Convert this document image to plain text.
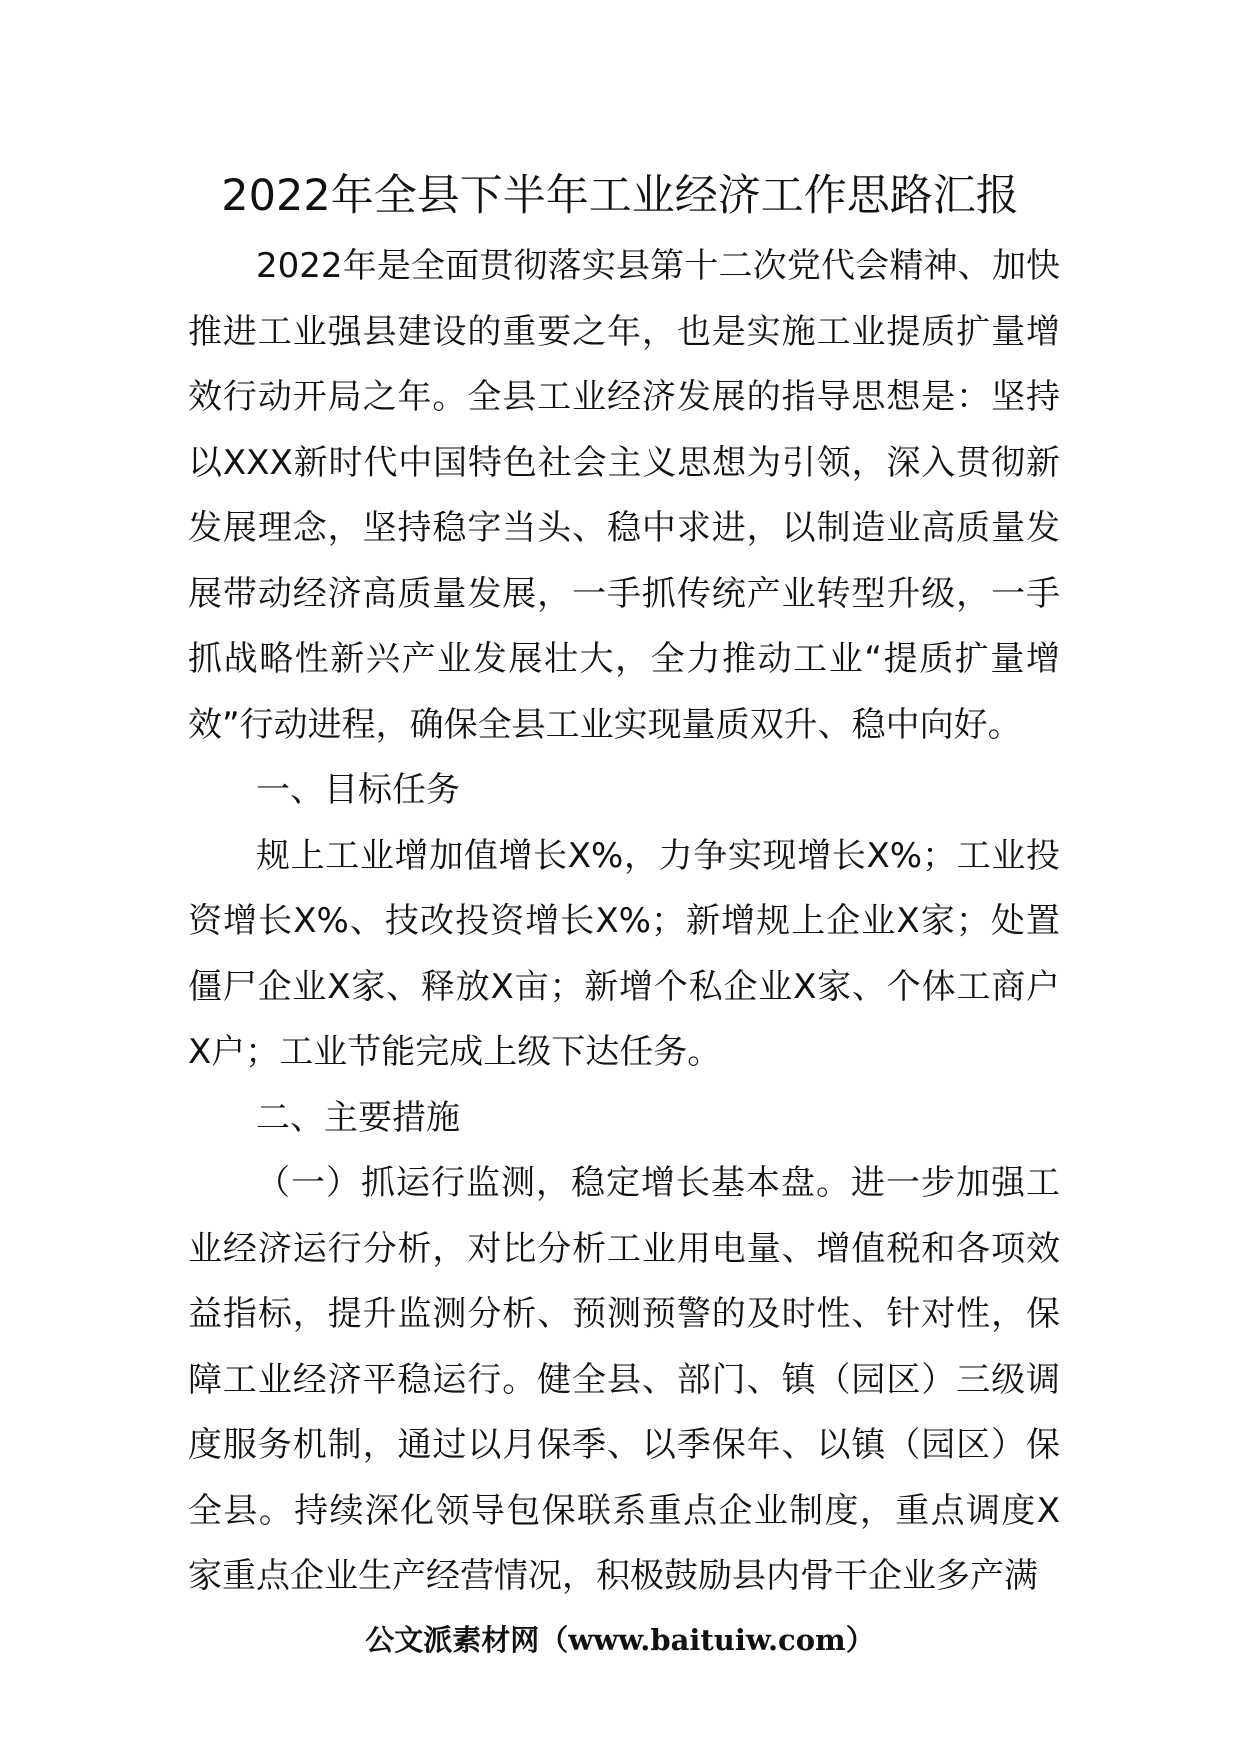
2022年全县下半年工业经济工作思路汇报

2022年是全面贯彻落实县第十二次党代会精神、加快推进工业强县建设的重要之年，也是实施工业提质扩量增效行动开局之年。全县工业经济发展的指导思想是：坚持以XXX新时代中国特色社会主义思想为引领，深入贯彻新发展理念，坚持稳字当头、稳中求进，以制造业高质量发展带动经济高质量发展，一手抓传统产业转型升级，一手抓战略性新兴产业发展壮大，全力推动工业“提质扩量增效”行动进程，确保全县工业实现量质双升、稳中向好。

一、目标任务

规上工业增加值增长X%，力争实现增长X%；工业投资增长X%、技改投资增长X%；新增规上企业X家；处置僵尸企业X家、释放X亩；新增个私企业X家、个体工商户X户；工业节能完成上级下达任务。

二、主要措施

（一）抓运行监测，稳定增长基本盘。进一步加强工业经济运行分析，对比分析工业用电量、增值税和各项效益指标，提升监测分析、预测预警的及时性、针对性，保障工业经济平稳运行。健全县、部门、镇（园区）三级调度服务机制，通过以月保季、以季保年、以镇（园区）保全县。持续深化领导包保联系重点企业制度，重点调度X家重点企业生产经营情况，积极鼓励县内骨干企业多产满

公文派素材网（www.baituiw.com）
